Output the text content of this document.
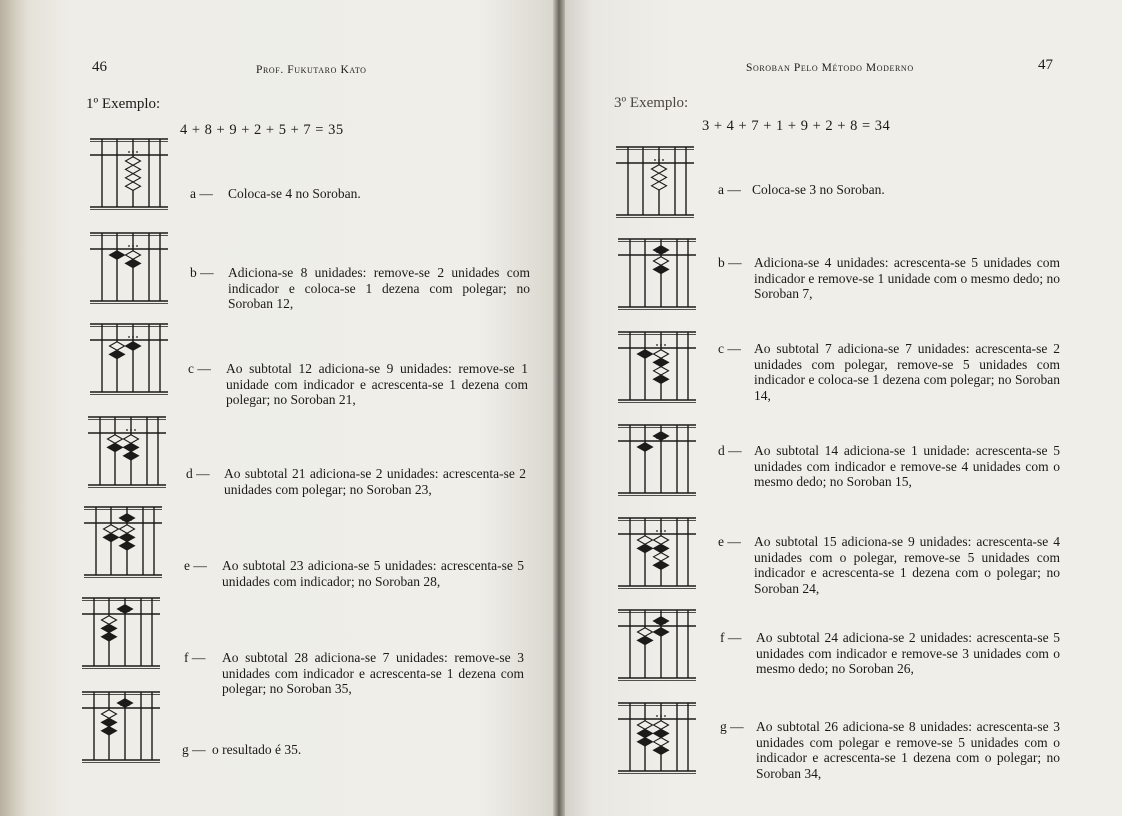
46	Prof. Fukutaro Kato
1º Exemplo:
4 + 8 + 9 + 2 + 5 + 7 = 35
a —	Coloca-se 4 no Soroban.
b —	Adiciona-se 8 unidades: remove-se 2 unidades com indicador e coloca-se 1 dezena com polegar; no Soroban 12,
c —	Ao subtotal 12 adiciona-se 9 unidades: remove-se 1 unidade com indicador e acrescenta-se 1 dezena com polegar; no Soroban 21,
d —	Ao subtotal 21 adiciona-se 2 unidades: acrescenta-se 2 unidades com polegar; no Soroban 23,
e —	Ao subtotal 23 adiciona-se 5 unidades: acrescenta-se 5 unidades com indicador; no Soroban 28,
f —	Ao subtotal 28 adiciona-se 7 unidades: remove-se 3 unidades com indicador e acrescenta-se 1 dezena com polegar; no Soroban 35,
g — o resultado é 35.
Soroban Pelo Método Moderno	47
3º Exemplo:
3 + 4 + 7 + 1 + 9 + 2 + 8 = 34
a — Coloca-se 3 no Soroban.
b — Adiciona-se 4 unidades: acrescenta-se 5 unidades com indicador e remove-se 1 unidade com o mesmo dedo; no Soroban 7,
c — Ao subtotal 7 adiciona-se 7 unidades: acrescenta-se 2 unidades com polegar, remove-se 5 unidades com indicador e coloca-se 1 dezena com polegar; no Soroban 14,
d — Ao subtotal 14 adiciona-se 1 unidade: acrescenta-se 5 unidades com indicador e remove-se 4 unidades com o mesmo dedo; no Soroban 15,
e — Ao subtotal 15 adiciona-se 9 unidades: acrescenta-se 4 unidades com o polegar, remove-se 5 unidades com indicador e acrescenta-se 1 dezena com o polegar; no Soroban 24,
f —	Ao subtotal 24 adiciona-se 2 unidades: acrescenta-se 5 unidades com indicador e remove-se 3 unidades com o mesmo dedo; no Soroban 26,
g — Ao subtotal 26 adiciona-se 8 unidades: acrescenta-se 3 unidades com polegar e remove-se 5 unidades com o indicador e acrescenta-se 1 dezena com o polegar; no Soroban 34,
